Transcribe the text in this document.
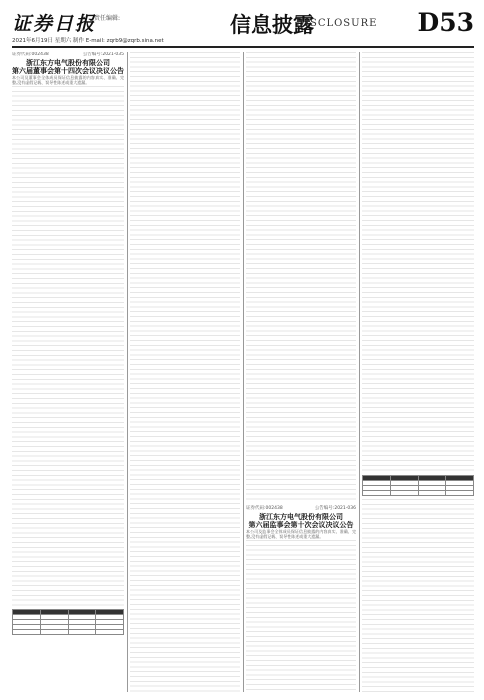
证券日报
责任编辑:
2021年6月19日 星期六 制作 E-mail: zqrb9@zqrb.sina.net
信息披露
DISCLOSURE D53
证券代码:002438	公告编号:2021-035
浙江东方电气股份有限公司
第六届董事会第十四次会议决议公告
本公司及董事会全体成员保证信息披露的内容真实、准确、完整,没有虚假记载、误导性陈述或重大遗漏。

证券代码:002438	公告编号:2021-036
浙江东方电气股份有限公司
第六届监事会第十次会议决议公告
本公司及监事会全体成员保证信息披露的内容真实、准确、完整,没有虚假记载、误导性陈述或重大遗漏。
